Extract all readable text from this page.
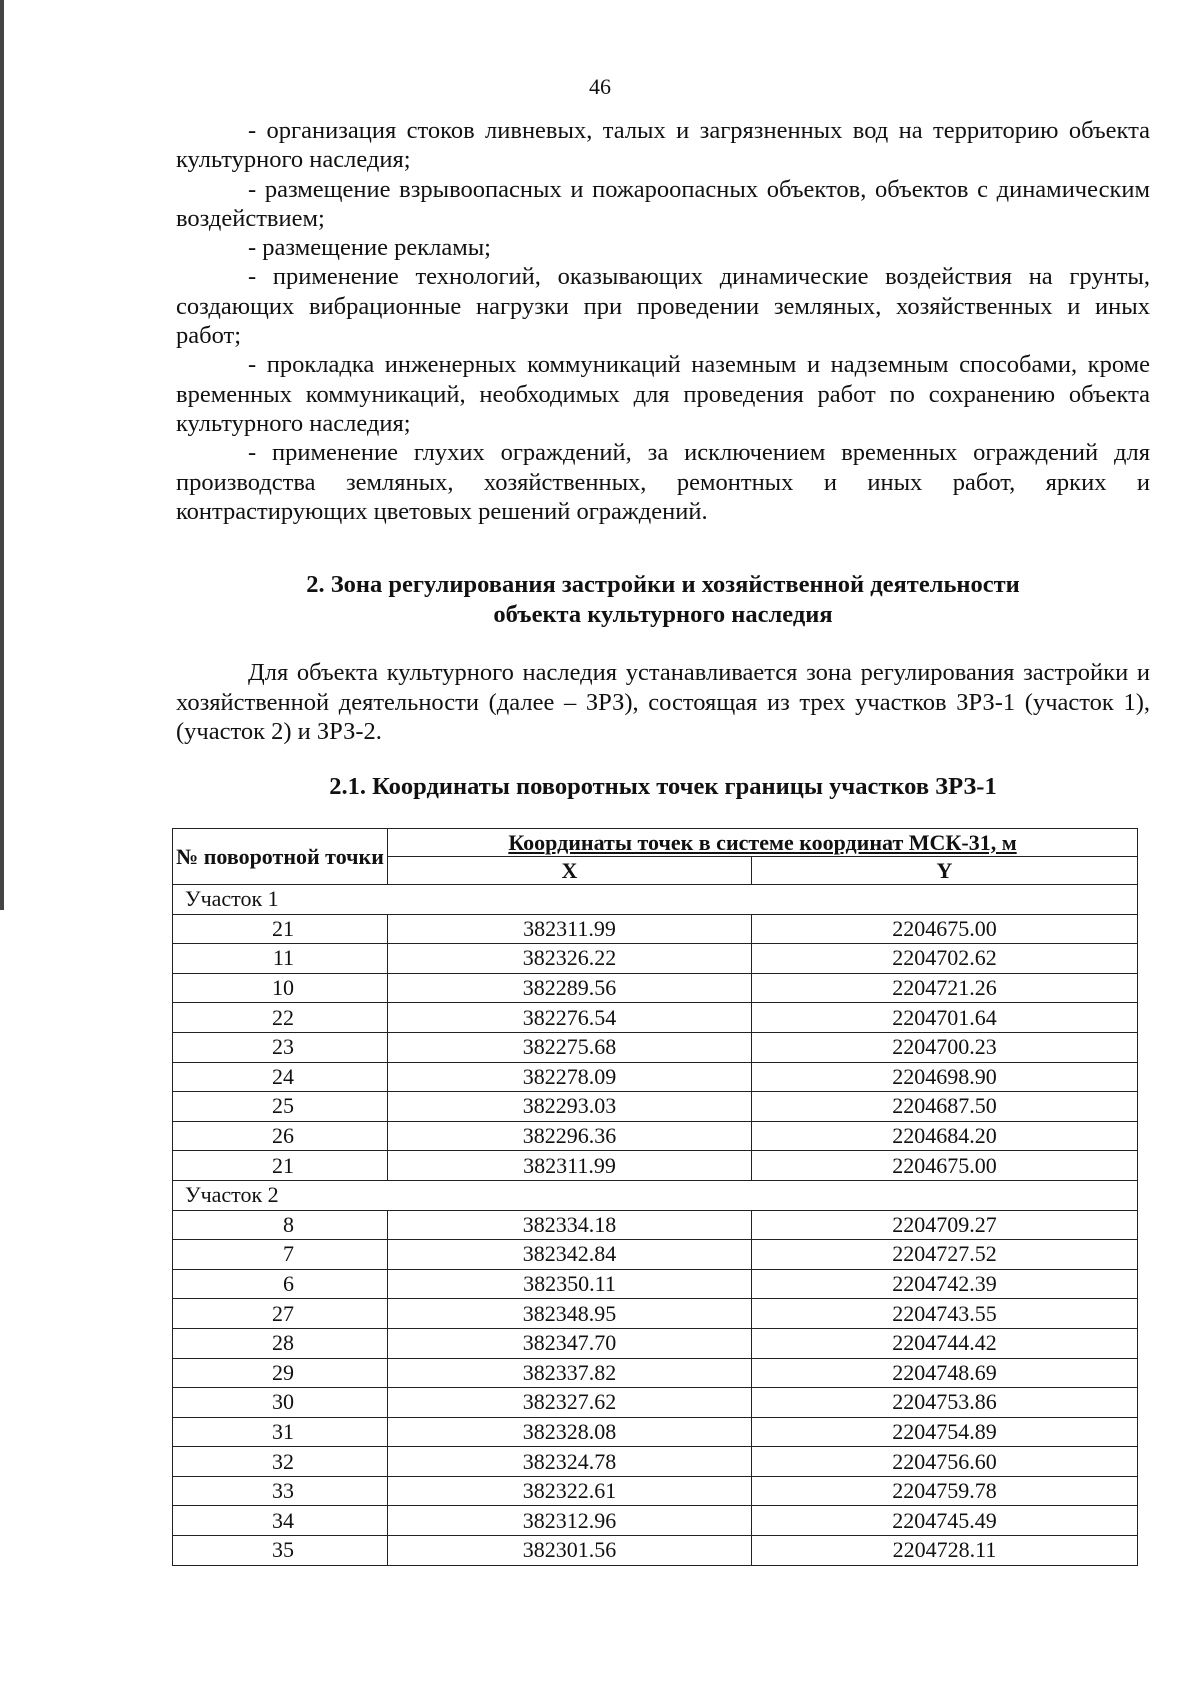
46

- организация стоков ливневых, талых и загрязненных вод на территорию объекта культурного наследия;

- размещение взрывоопасных и пожароопасных объектов, объектов с динамическим воздействием;

- размещение рекламы;

- применение технологий, оказывающих динамические воздействия на грунты, создающих вибрационные нагрузки при проведении земляных, хозяйственных и иных работ;

- прокладка инженерных коммуникаций наземным и надземным способами, кроме временных коммуникаций, необходимых для проведения работ по сохранению объекта культурного наследия;

- применение глухих ограждений, за исключением временных ограждений для производства земляных, хозяйственных, ремонтных и иных работ, ярких и контрастирующих цветовых решений ограждений.

2. Зона регулирования застройки и хозяйственной деятельности
объекта культурного наследия

Для объекта культурного наследия устанавливается зона регулирования застройки и хозяйственной деятельности (далее – ЗРЗ), состоящая из трех участков ЗРЗ-1 (участок 1), (участок 2) и ЗРЗ-2.

2.1. Координаты поворотных точек границы участков ЗРЗ-1
№ поворотной точки	Координаты точек в системе координат МСК-31, м	
	X	Y
Участок 1		
21	382311.99	2204675.00
11	382326.22	2204702.62
10	382289.56	2204721.26
22	382276.54	2204701.64
23	382275.68	2204700.23
24	382278.09	2204698.90
25	382293.03	2204687.50
26	382296.36	2204684.20
21	382311.99	2204675.00
Участок 2		
8	382334.18	2204709.27
7	382342.84	2204727.52
6	382350.11	2204742.39
27	382348.95	2204743.55
28	382347.70	2204744.42
29	382337.82	2204748.69
30	382327.62	2204753.86
31	382328.08	2204754.89
32	382324.78	2204756.60
33	382322.61	2204759.78
34	382312.96	2204745.49
35	382301.56	2204728.11
